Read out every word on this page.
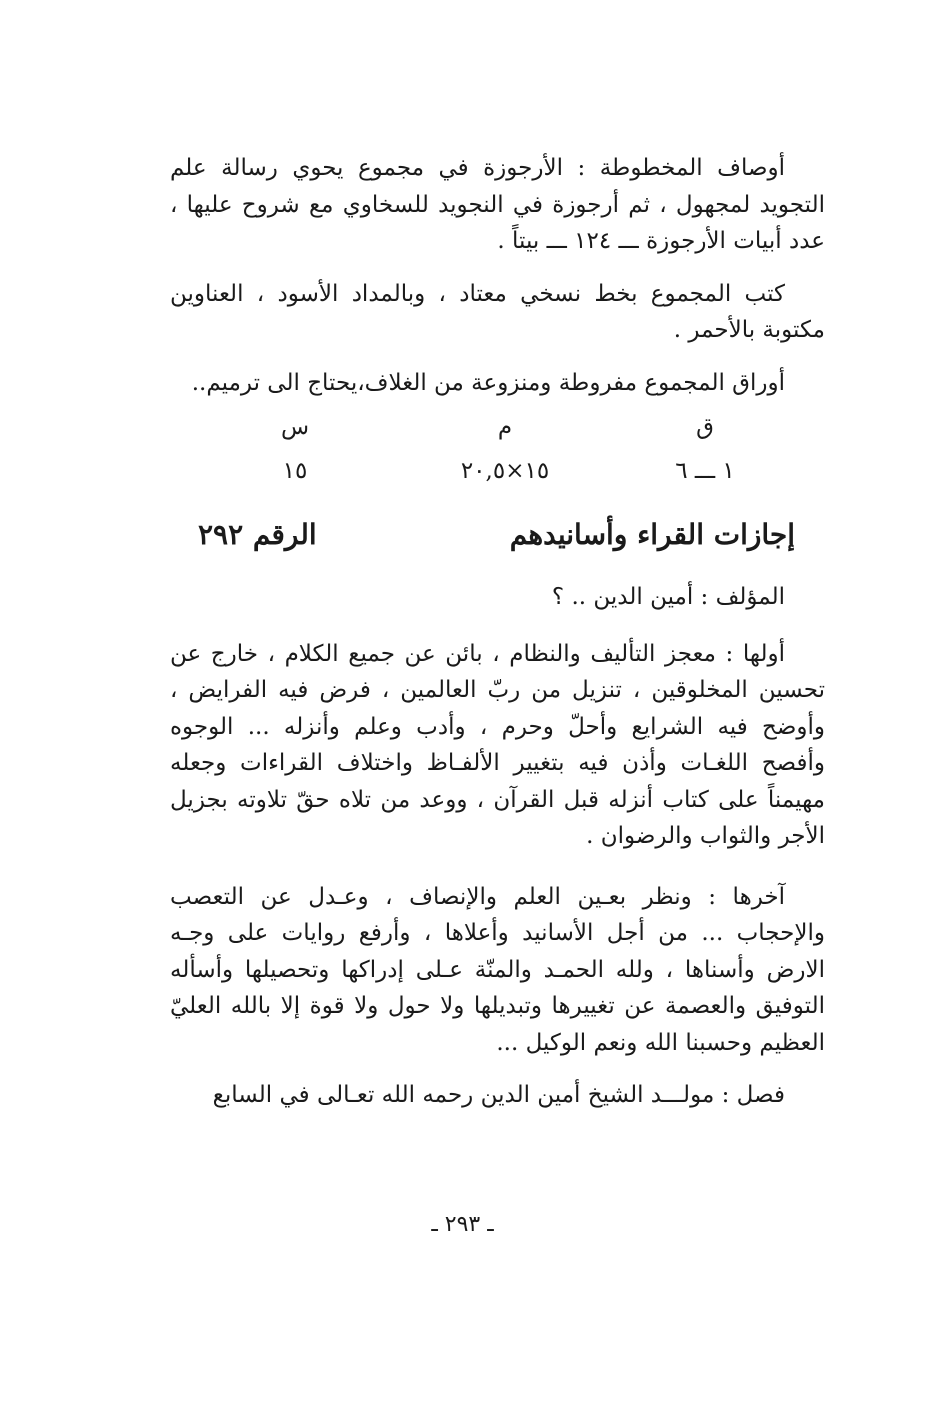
أوصاف المخطوطة : الأرجوزة في مجموع يحوي رسالة علم التجويد لمجهول ، ثم أرجوزة في النجويد للسخاوي مع شروح عليها ، عدد أبيات الأرجوزة ـــ ١٢٤ ـــ بيتاً .

كتب المجموع بخط نسخي معتاد ، وبالمداد الأسود ، العناوين مكتوبة بالأحمر .

أوراق المجموع مفروطة ومنزوعة من الغلاف،يحتاج الى ترميم..

ق
١ ـــ ٦
م
١٥×٢٠,٥
س
١٥
إجازات القراء وأسانيدهم
الرقم ٢٩٢

المؤلف : أمين الدين .. ؟

أولها : معجز التأليف والنظام ، بائن عن جميع الكلام ، خارج عن تحسين المخلوقين ، تنزيل من ربّ العالمين ، فرض فيه الفرايض ، وأوضح فيه الشرايع وأحلّ وحرم ، وأدب وعلم وأنزله ... الوجوه وأفصح اللغـات وأذن فيه بتغيير الألفـاظ واختلاف القراءات وجعله مهيمناً على كتاب أنزله قبل القرآن ، ووعد من تلاه حقّ تلاوته بجزيل الأجر والثواب والرضوان .

آخرها : ونظر بعـين العلم والإنصاف ، وعـدل عن التعصب والإحجاب ... من أجل الأسانيد وأعلاها ، وأرفع روايات على وجـه الارض وأسناها ، ولله الحمـد والمنّة عـلى إدراكها وتحصيلها وأسأله التوفيق والعصمة عن تغييرها وتبديلها ولا حول ولا قوة إلا بالله العليّ العظيم وحسبنا الله ونعم الوكيل ...

فصل : مولـــد الشيخ أمين الدين رحمه الله تعـالى في السابع

ـ ٢٩٣ ـ
